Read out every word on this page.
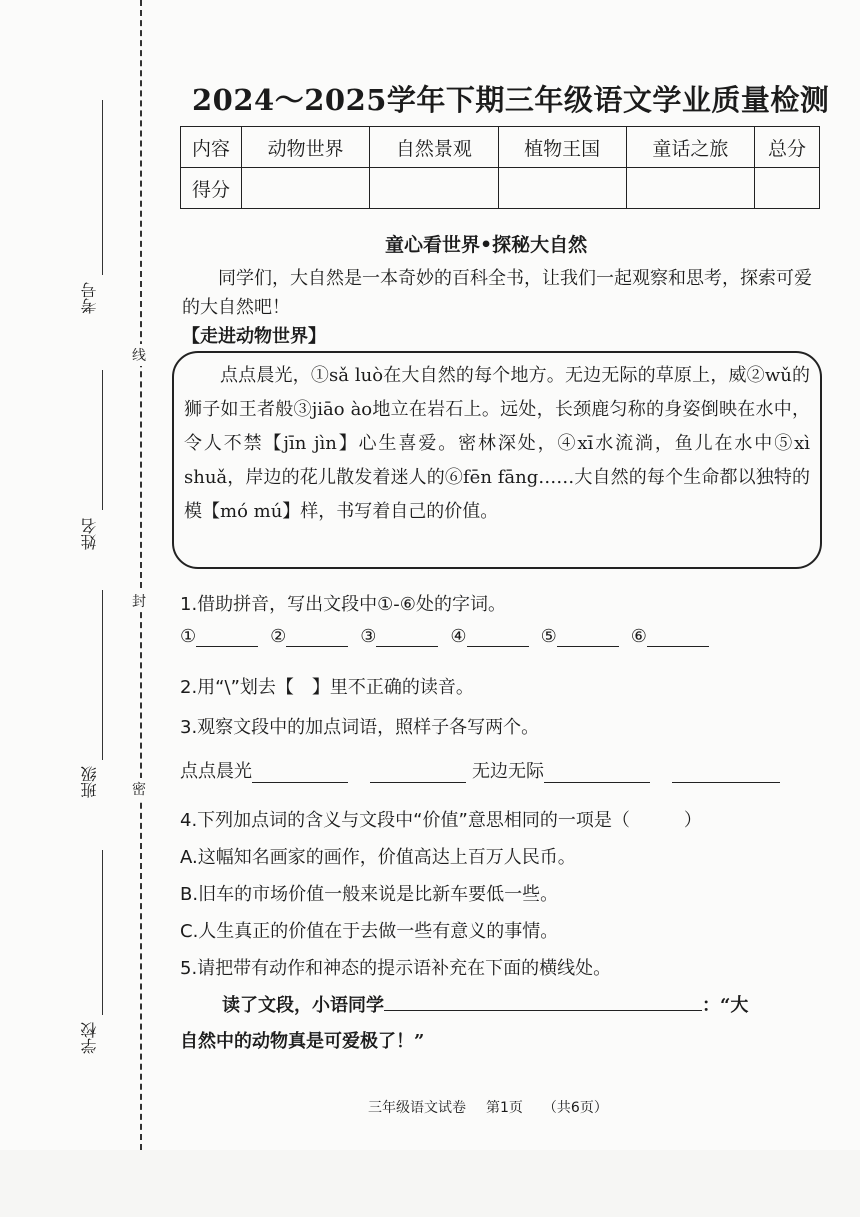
线
封
密
考号
姓名
班级
学校
2024～2025学年下期三年级语文学业质量检测
内容	动物世界	自然景观	植物王国	童话之旅	总分
得分					
童心看世界•探秘大自然
同学们，大自然是一本奇妙的百科全书，让我们一起观察和思考，探索可爱的大自然吧！
【走进动物世界】

点点晨光，①sǎ luò在大自然的每个地方。无边无际的草原上，威②wǔ的狮子如王者般③jiāo ào地立在岩石上。远处，长颈鹿匀称的身姿倒映在水中，令人不禁【jīn jìn】心生喜爱。密林深处，④xī水流淌，鱼儿在水中⑤xì shuǎ，岸边的花儿散发着迷人的⑥fēn fāng……大自然的每个生命都以独特的模【mó mú】样，书写着自己的价值。

1.借助拼音，写出文段中①-⑥处的字词。
①	②	③	④	⑤	⑥
2.用“\”划去【　】里不正确的读音。
3.观察文段中的加点词语，照样子各写两个。
点点晨光	无边无际
4.下列加点词的含义与文段中“价值”意思相同的一项是（	）
A.这幅知名画家的画作，价值高达上百万人民币。
B.旧车的市场价值一般来说是比新车要低一些。
C.人生真正的价值在于去做一些有意义的事情。
5.请把带有动作和神态的提示语补充在下面的横线处。
读了文段，小语同学	：“大
自然中的动物真是可爱极了！”
三年级语文试卷 第1页 （共6页）
